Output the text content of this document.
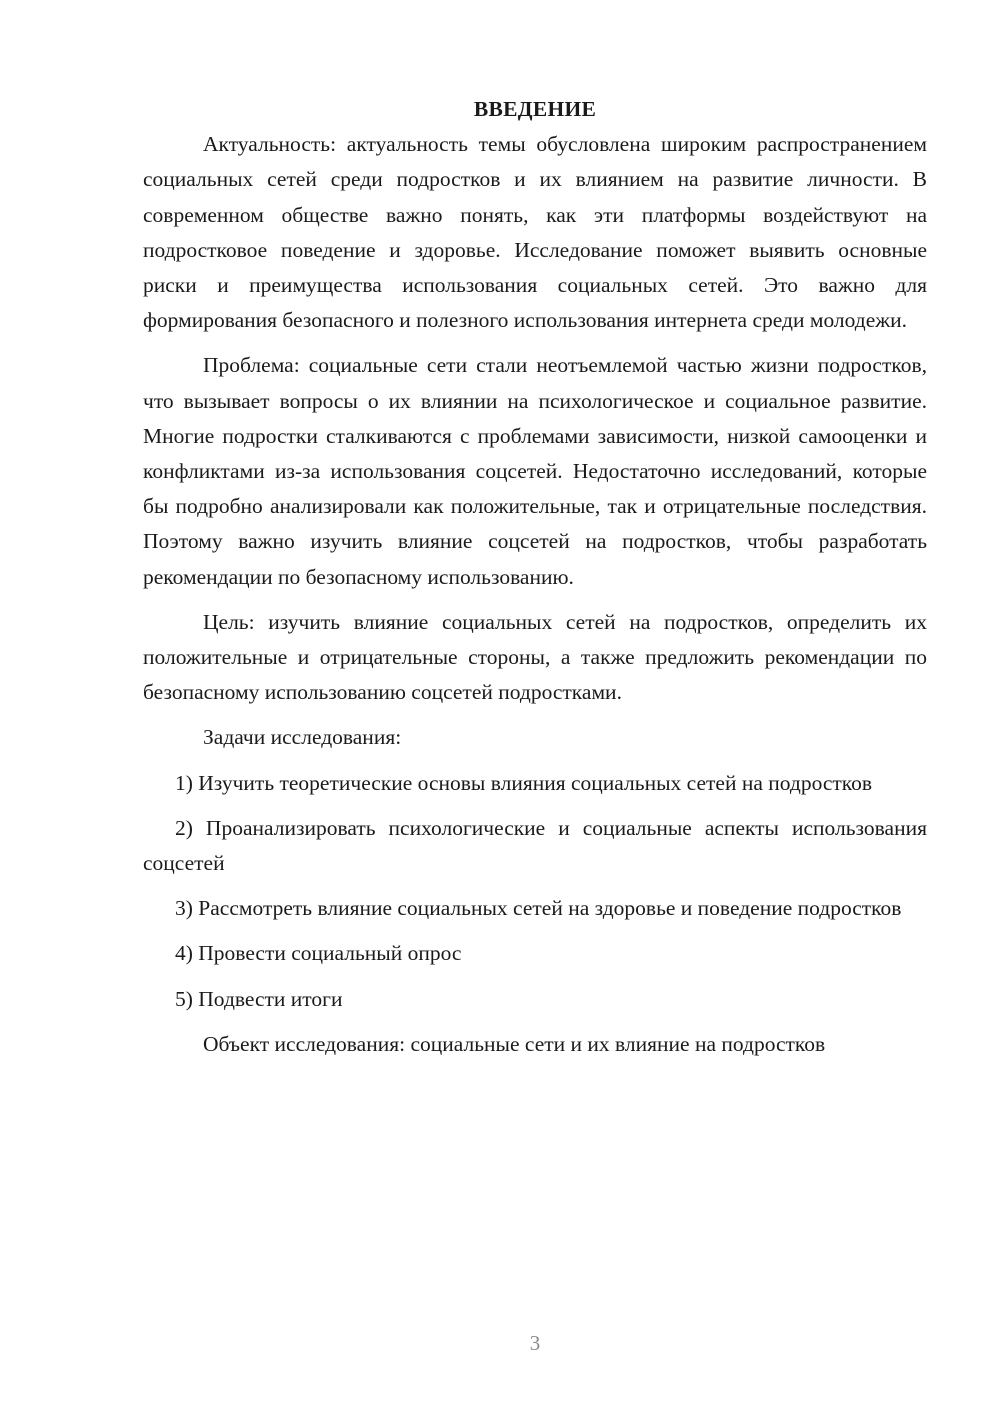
ВВЕДЕНИЕ

Актуальность: актуальность темы обусловлена широким распространением социальных сетей среди подростков и их влиянием на развитие личности. В современном обществе важно понять, как эти платформы воздействуют на подростковое поведение и здоровье. Исследование поможет выявить основные риски и преимущества использования социальных сетей. Это важно для формирования безопасного и полезного использования интернета среди молодежи.

Проблема: социальные сети стали неотъемлемой частью жизни подростков, что вызывает вопросы о их влиянии на психологическое и социальное развитие. Многие подростки сталкиваются с проблемами зависимости, низкой самооценки и конфликтами из-за использования соцсетей. Недостаточно исследований, которые бы подробно анализировали как положительные, так и отрицательные последствия. Поэтому важно изучить влияние соцсетей на подростков, чтобы разработать рекомендации по безопасному использованию.

Цель: изучить влияние социальных сетей на подростков, определить их положительные и отрицательные стороны, а также предложить рекомендации по безопасному использованию соцсетей подростками.

Задачи исследования:

1) Изучить теоретические основы влияния социальных сетей на подростков

2) Проанализировать психологические и социальные аспекты использования соцсетей

3) Рассмотреть влияние социальных сетей на здоровье и поведение подростков

4) Провести социальный опрос

5) Подвести итоги

Объект исследования: социальные сети и их влияние на подростков

3
